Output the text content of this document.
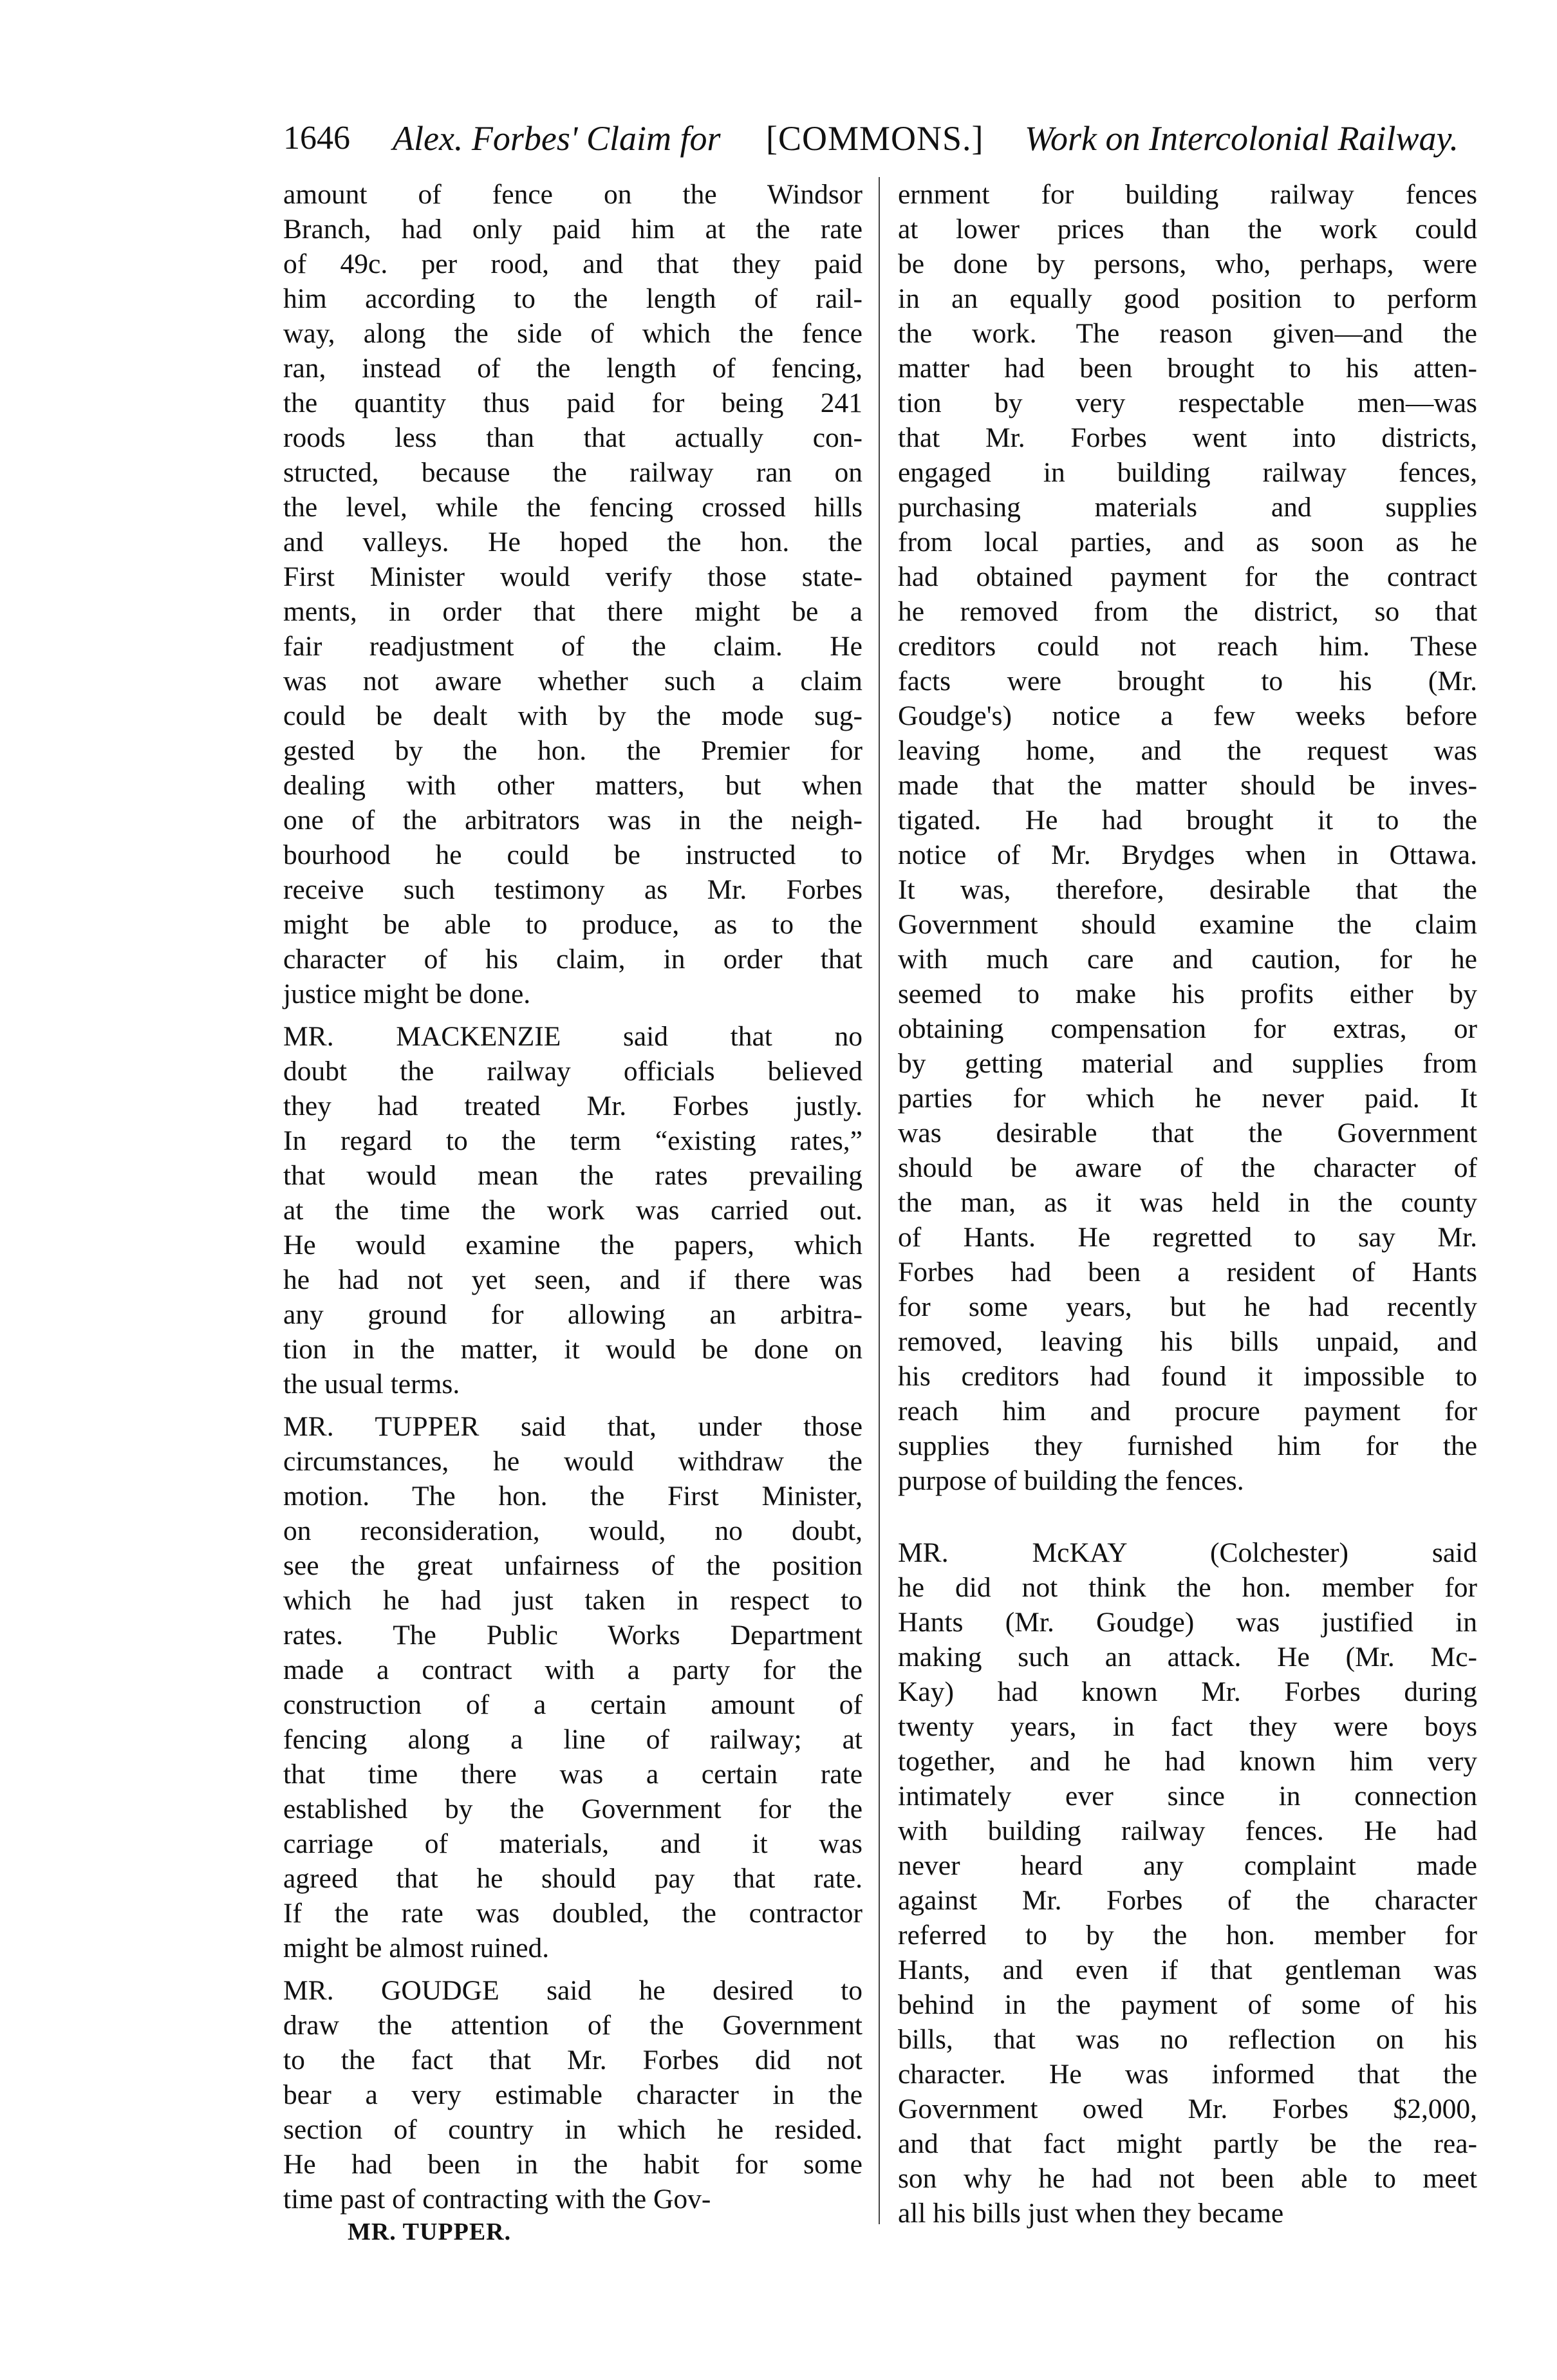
1646 Alex. Forbes' Claim for [COMMONS.] Work on Intercolonial Railway.
amount of fence on the Windsor
Branch, had only paid him at the rate
of 49c. per rood, and that they paid
him according to the length of rail-
way, along the side of which the fence
ran, instead of the length of fencing,
the quantity thus paid for being 241
roods less than that actually con-
structed, because the railway ran on
the level, while the fencing crossed hills
and valleys. He hoped the hon. the
First Minister would verify those state-
ments, in order that there might be a
fair readjustment of the claim. He
was not aware whether such a claim
could be dealt with by the mode sug-
gested by the hon. the Premier for
dealing with other matters, but when
one of the arbitrators was in the neigh-
bourhood he could be instructed to
receive such testimony as Mr. Forbes
might be able to produce, as to the
character of his claim, in order that
justice might be done.
MR. MACKENZIE said that no
doubt the railway officials believed
they had treated Mr. Forbes justly.
In regard to the term “existing rates,”
that would mean the rates prevailing
at the time the work was carried out.
He would examine the papers, which
he had not yet seen, and if there was
any ground for allowing an arbitra-
tion in the matter, it would be done on
the usual terms.
MR. TUPPER said that, under those
circumstances, he would withdraw the
motion. The hon. the First Minister,
on reconsideration, would, no doubt,
see the great unfairness of the position
which he had just taken in respect to
rates. The Public Works Department
made a contract with a party for the
construction of a certain amount of
fencing along a line of railway; at
that time there was a certain rate
established by the Government for the
carriage of materials, and it was
agreed that he should pay that rate.
If the rate was doubled, the contractor
might be almost ruined.
MR. GOUDGE said he desired to
draw the attention of the Government
to the fact that Mr. Forbes did not
bear a very estimable character in the
section of country in which he resided.
He had been in the habit for some
time past of contracting with the Gov-
ernment for building railway fences
at lower prices than the work could
be done by persons, who, perhaps, were
in an equally good position to perform
the work. The reason given—and the
matter had been brought to his atten-
tion by very respectable men—was
that Mr. Forbes went into districts,
engaged in building railway fences,
purchasing materials and supplies
from local parties, and as soon as he
had obtained payment for the contract
he removed from the district, so that
creditors could not reach him. These
facts were brought to his (Mr.
Goudge's) notice a few weeks before
leaving home, and the request was
made that the matter should be inves-
tigated. He had brought it to the
notice of Mr. Brydges when in Ottawa.
It was, therefore, desirable that the
Government should examine the claim
with much care and caution, for he
seemed to make his profits either by
obtaining compensation for extras, or
by getting material and supplies from
parties for which he never paid. It
was desirable that the Government
should be aware of the character of
the man, as it was held in the county
of Hants. He regretted to say Mr.
Forbes had been a resident of Hants
for some years, but he had recently
removed, leaving his bills unpaid, and
his creditors had found it impossible to
reach him and procure payment for
supplies they furnished him for the
purpose of building the fences.
MR. McKAY (Colchester) said
he did not think the hon. member for
Hants (Mr. Goudge) was justified in
making such an attack. He (Mr. Mc-
Kay) had known Mr. Forbes during
twenty years, in fact they were boys
together, and he had known him very
intimately ever since in connection
with building railway fences. He had
never heard any complaint made
against Mr. Forbes of the character
referred to by the hon. member for
Hants, and even if that gentleman was
behind in the payment of some of his
bills, that was no reflection on his
character. He was informed that the
Government owed Mr. Forbes $2,000,
and that fact might partly be the rea-
son why he had not been able to meet
all his bills just when they became
MR. TUPPER.
